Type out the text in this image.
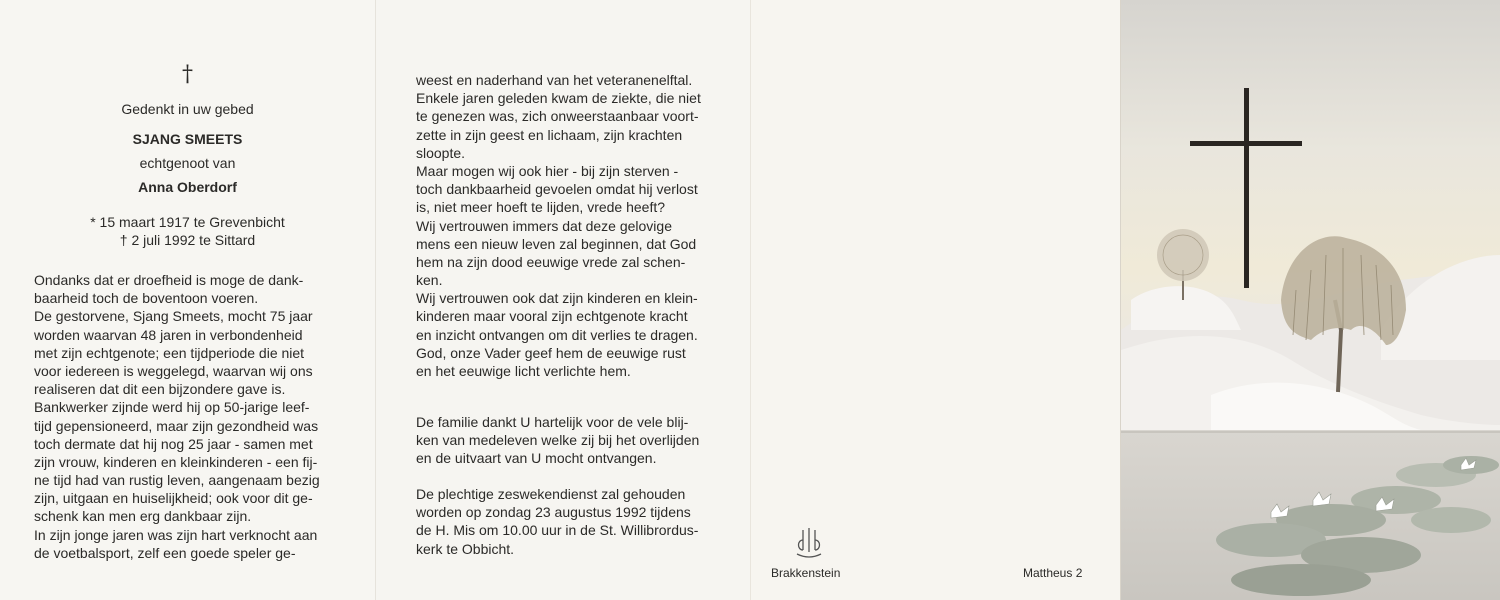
†
Gedenkt in uw gebed
SJANG SMEETS
echtgenoot van
Anna Oberdorf
* 15 maart 1917 te Grevenbicht
† 2 juli 1992 te Sittard
Ondanks dat er droefheid is moge de dank-
baarheid toch de boventoon voeren.
De gestorvene, Sjang Smeets, mocht 75 jaar
worden waarvan 48 jaren in verbondenheid
met zijn echtgenote; een tijdperiode die niet
voor iedereen is weggelegd, waarvan wij ons
realiseren dat dit een bijzondere gave is.
Bankwerker zijnde werd hij op 50-jarige leef-
tijd gepensioneerd, maar zijn gezondheid was
toch dermate dat hij nog 25 jaar - samen met
zijn vrouw, kinderen en kleinkinderen - een fij-
ne tijd had van rustig leven, aangenaam bezig
zijn, uitgaan en huiselijkheid; ook voor dit ge-
schenk kan men erg dankbaar zijn.
In zijn jonge jaren was zijn hart verknocht aan
de voetbalsport, zelf een goede speler ge-
weest en naderhand van het veteranenelftal.
Enkele jaren geleden kwam de ziekte, die niet
te genezen was, zich onweerstaanbaar voort-
zette in zijn geest en lichaam, zijn krachten
sloopte.
Maar mogen wij ook hier - bij zijn sterven -
toch dankbaarheid gevoelen omdat hij verlost
is, niet meer hoeft te lijden, vrede heeft?
Wij vertrouwen immers dat deze gelovige
mens een nieuw leven zal beginnen, dat God
hem na zijn dood eeuwige vrede zal schen-
ken.
Wij vertrouwen ook dat zijn kinderen en klein-
kinderen maar vooral zijn echtgenote kracht
en inzicht ontvangen om dit verlies te dragen.
God, onze Vader geef hem de eeuwige rust
en het eeuwige licht verlichte hem.
De familie dankt U hartelijk voor de vele blij-
ken van medeleven welke zij bij het overlijden
en de uitvaart van U mocht ontvangen.
De plechtige zeswekendienst zal gehouden
worden op zondag 23 augustus 1992 tijdens
de H. Mis om 10.00 uur in de St. Willibrordus-
kerk te Obbicht.
Brakkenstein	Mattheus 2
